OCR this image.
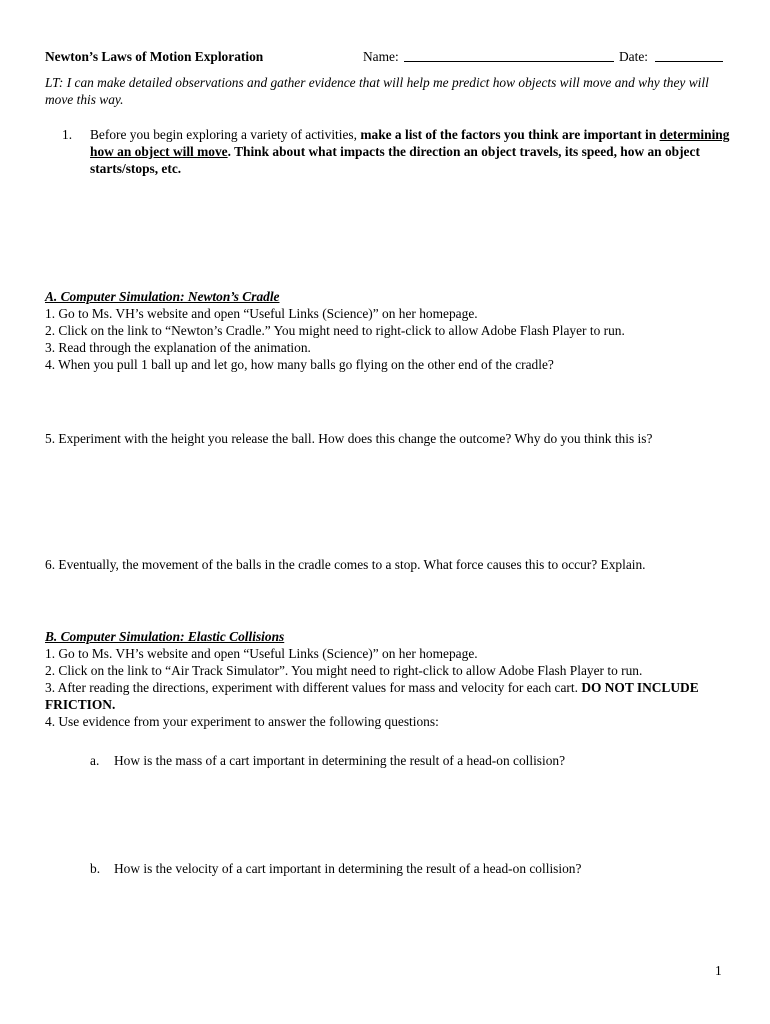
Newton’s Laws of Motion Exploration	Name:	Date:
LT: I can make detailed observations and gather evidence that will help me predict how objects will move and why they will move this way.
1. Before you begin exploring a variety of activities, make a list of the factors you think are important in determining how an object will move. Think about what impacts the direction an object travels, its speed, how an object starts/stops, etc.
A. Computer Simulation: Newton’s Cradle
1. Go to Ms. VH’s website and open “Useful Links (Science)” on her homepage.
2. Click on the link to “Newton’s Cradle.” You might need to right-click to allow Adobe Flash Player to run.
3. Read through the explanation of the animation.
4. When you pull 1 ball up and let go, how many balls go flying on the other end of the cradle?
5. Experiment with the height you release the ball. How does this change the outcome? Why do you think this is?
6. Eventually, the movement of the balls in the cradle comes to a stop. What force causes this to occur? Explain.
B. Computer Simulation: Elastic Collisions
1. Go to Ms. VH’s website and open “Useful Links (Science)” on her homepage.
2. Click on the link to “Air Track Simulator”. You might need to right-click to allow Adobe Flash Player to run.
3. After reading the directions, experiment with different values for mass and velocity for each cart. DO NOT INCLUDE FRICTION.
4. Use evidence from your experiment to answer the following questions:
a. How is the mass of a cart important in determining the result of a head-on collision?
b. How is the velocity of a cart important in determining the result of a head-on collision?
1
